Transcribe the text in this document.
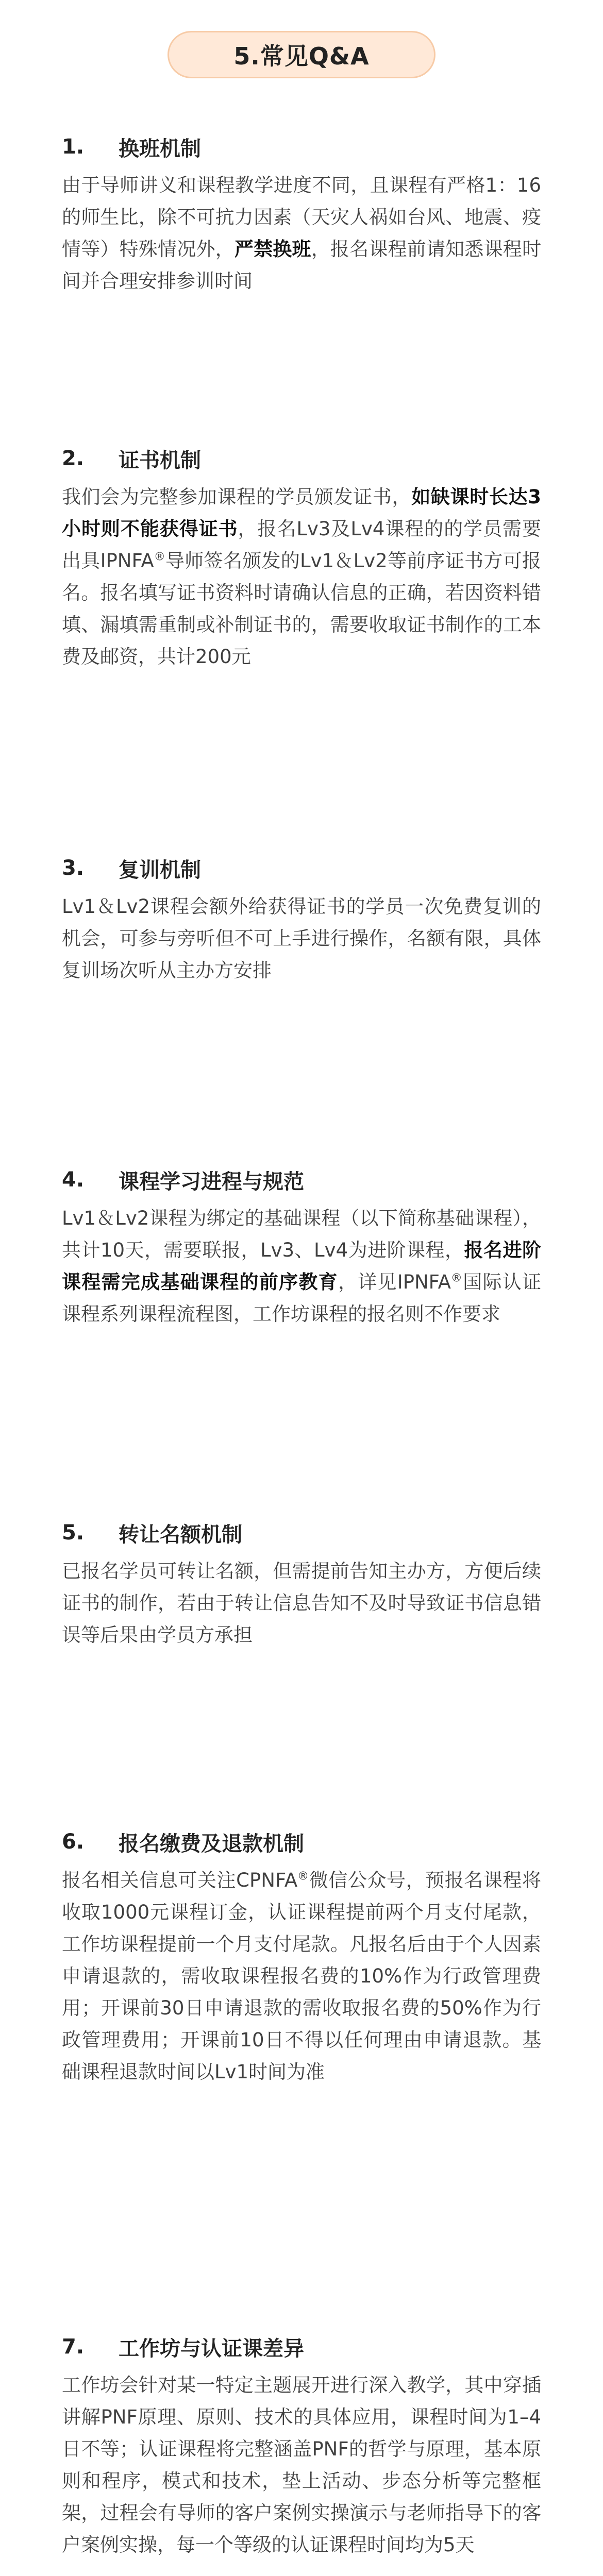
5.常见Q&A
1.	换班机制
由于导师讲义和课程教学进度不同，且课程有严格1：16的师生比，除不可抗力因素（天灾人祸如台风、地震、疫情等）特殊情况外，严禁换班，报名课程前请知悉课程时间并合理安排参训时间
2.	证书机制
我们会为完整参加课程的学员颁发证书，如缺课时长达3小时则不能获得证书，报名Lv3及Lv4课程的的学员需要出具IPNFA®导师签名颁发的Lv1＆Lv2等前序证书方可报名。报名填写证书资料时请确认信息的正确，若因资料错填、漏填需重制或补制证书的，需要收取证书制作的工本费及邮资，共计200元
3.	复训机制
Lv1＆Lv2课程会额外给获得证书的学员一次免费复训的机会，可参与旁听但不可上手进行操作，名额有限，具体复训场次听从主办方安排
4.	课程学习进程与规范
Lv1＆Lv2课程为绑定的基础课程（以下简称基础课程），共计10天，需要联报，Lv3、Lv4为进阶课程，报名进阶课程需完成基础课程的前序教育，详见IPNFA®国际认证课程系列课程流程图，工作坊课程的报名则不作要求
5.	转让名额机制
已报名学员可转让名额，但需提前告知主办方，方便后续证书的制作，若由于转让信息告知不及时导致证书信息错误等后果由学员方承担
6.	报名缴费及退款机制
报名相关信息可关注CPNFA®微信公众号，预报名课程将收取1000元课程订金，认证课程提前两个月支付尾款，工作坊课程提前一个月支付尾款。凡报名后由于个人因素申请退款的，需收取课程报名费的10%作为行政管理费用；开课前30日申请退款的需收取报名费的50%作为行政管理费用；开课前10日不得以任何理由申请退款。基础课程退款时间以Lv1时间为准
7.	工作坊与认证课差异
工作坊会针对某一特定主题展开进行深入教学，其中穿插讲解PNF原理、原则、技术的具体应用，课程时间为1–4日不等；认证课程将完整涵盖PNF的哲学与原理，基本原则和程序，模式和技术，垫上活动、步态分析等完整框架，过程会有导师的客户案例实操演示与老师指导下的客户案例实操，每一个等级的认证课程时间均为5天
